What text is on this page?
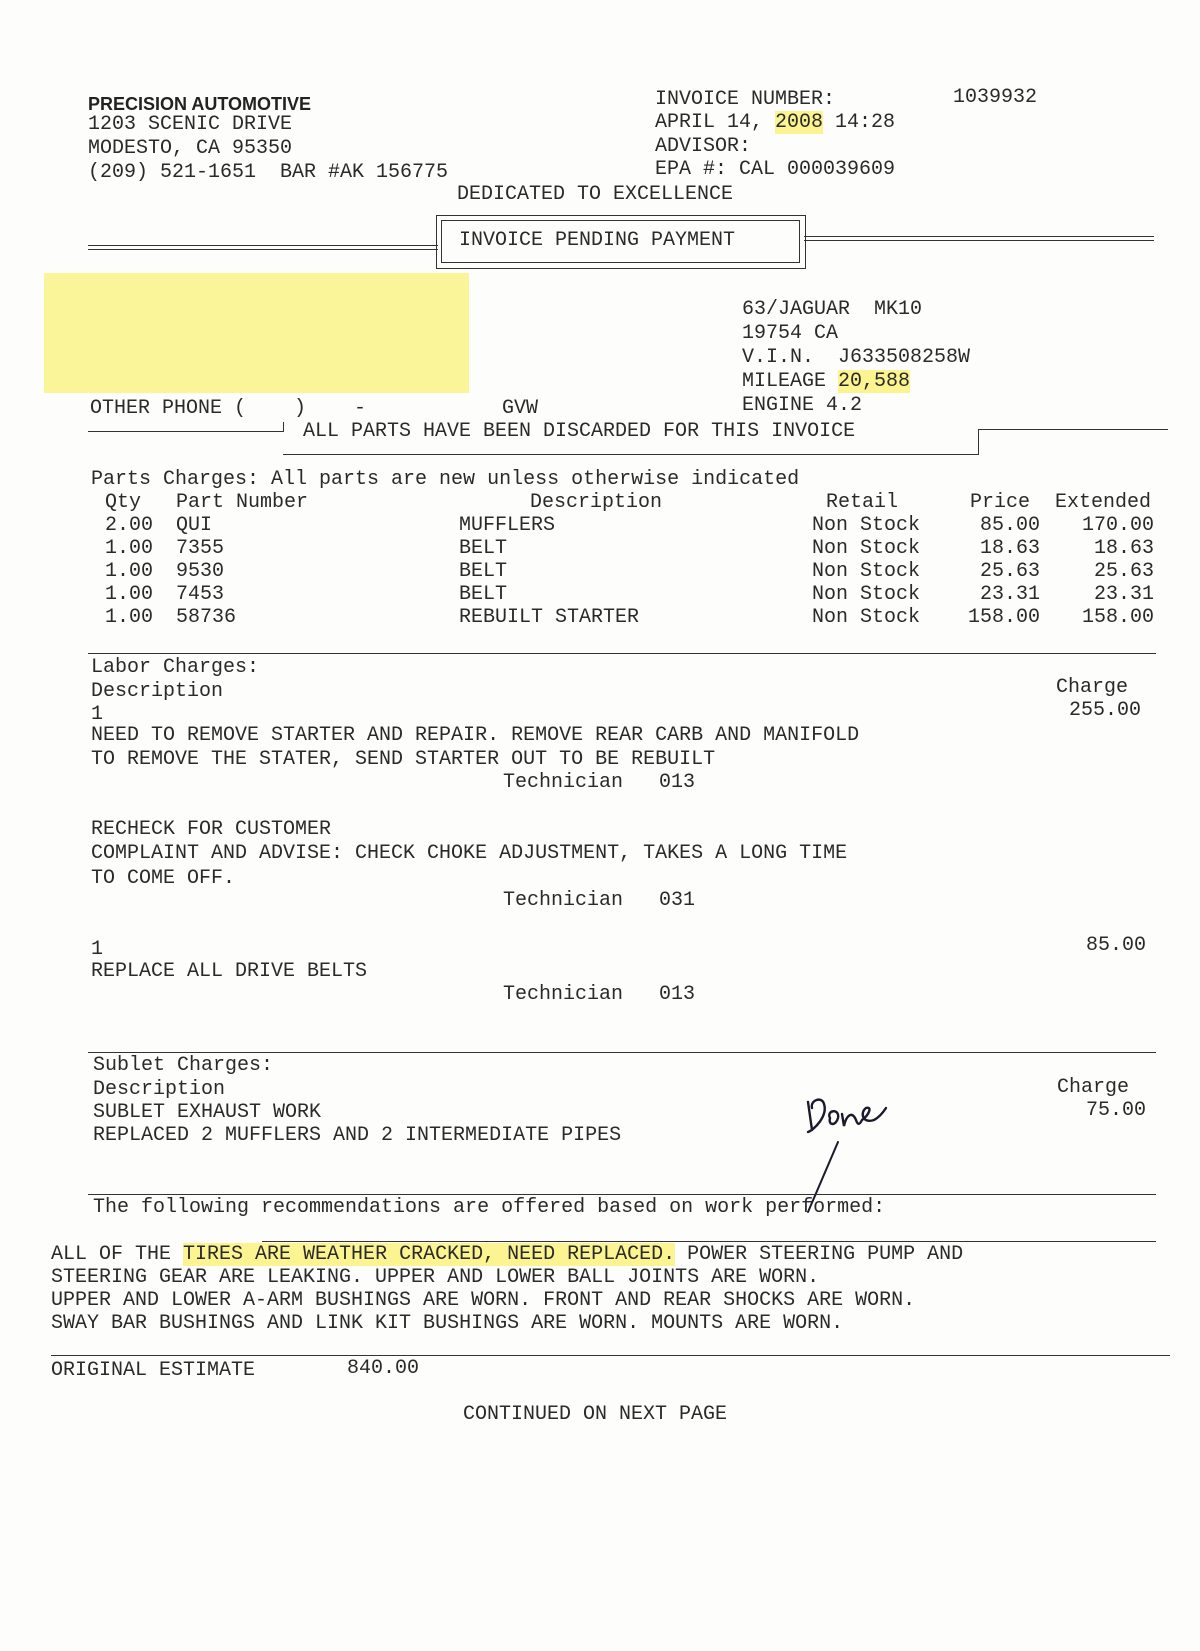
PRECISION AUTOMOTIVE
1203 SCENIC DRIVE
MODESTO, CA 95350
(209) 521-1651  BAR #AK 156775
DEDICATED TO EXCELLENCE
INVOICE NUMBER:	1039932
APRIL 14, 2008 14:28
ADVISOR:
EPA #: CAL 000039609
INVOICE PENDING PAYMENT
OTHER PHONE (    )    -	GVW
63/JAGUAR  MK10
19754 CA
V.I.N.  J633508258W
MILEAGE 20,588
ENGINE 4.2
ALL PARTS HAVE BEEN DISCARDED FOR THIS INVOICE
Parts Charges: All parts are new unless otherwise indicated
Qty Part Number	Description	Retail	Price Extended
2.00 QUI	MUFFLERS	Non Stock	85.00	170.00
1.00 7355	BELT	Non Stock	18.63	18.63
1.00 9530	BELT	Non Stock	25.63	25.63
1.00 7453	BELT	Non Stock	23.31	23.31
1.00 58736	REBUILT STARTER	Non Stock	158.00	158.00
Labor Charges:
Description	Charge
1	255.00
NEED TO REMOVE STARTER AND REPAIR. REMOVE REAR CARB AND MANIFOLD
TO REMOVE THE STATER, SEND STARTER OUT TO BE REBUILT
Technician   013
RECHECK FOR CUSTOMER
COMPLAINT AND ADVISE: CHECK CHOKE ADJUSTMENT, TAKES A LONG TIME
TO COME OFF.
Technician   031
1	85.00
REPLACE ALL DRIVE BELTS
Technician   013
Sublet Charges:
Description	Charge
SUBLET EXHAUST WORK
REPLACED 2 MUFFLERS AND 2 INTERMEDIATE PIPES
75.00
The following recommendations are offered based on work performed:
ALL OF THE TIRES ARE WEATHER CRACKED, NEED REPLACED. POWER STEERING PUMP AND
STEERING GEAR ARE LEAKING. UPPER AND LOWER BALL JOINTS ARE WORN.
UPPER AND LOWER A-ARM BUSHINGS ARE WORN. FRONT AND REAR SHOCKS ARE WORN.
SWAY BAR BUSHINGS AND LINK KIT BUSHINGS ARE WORN. MOUNTS ARE WORN.
ORIGINAL ESTIMATE	840.00
CONTINUED ON NEXT PAGE
